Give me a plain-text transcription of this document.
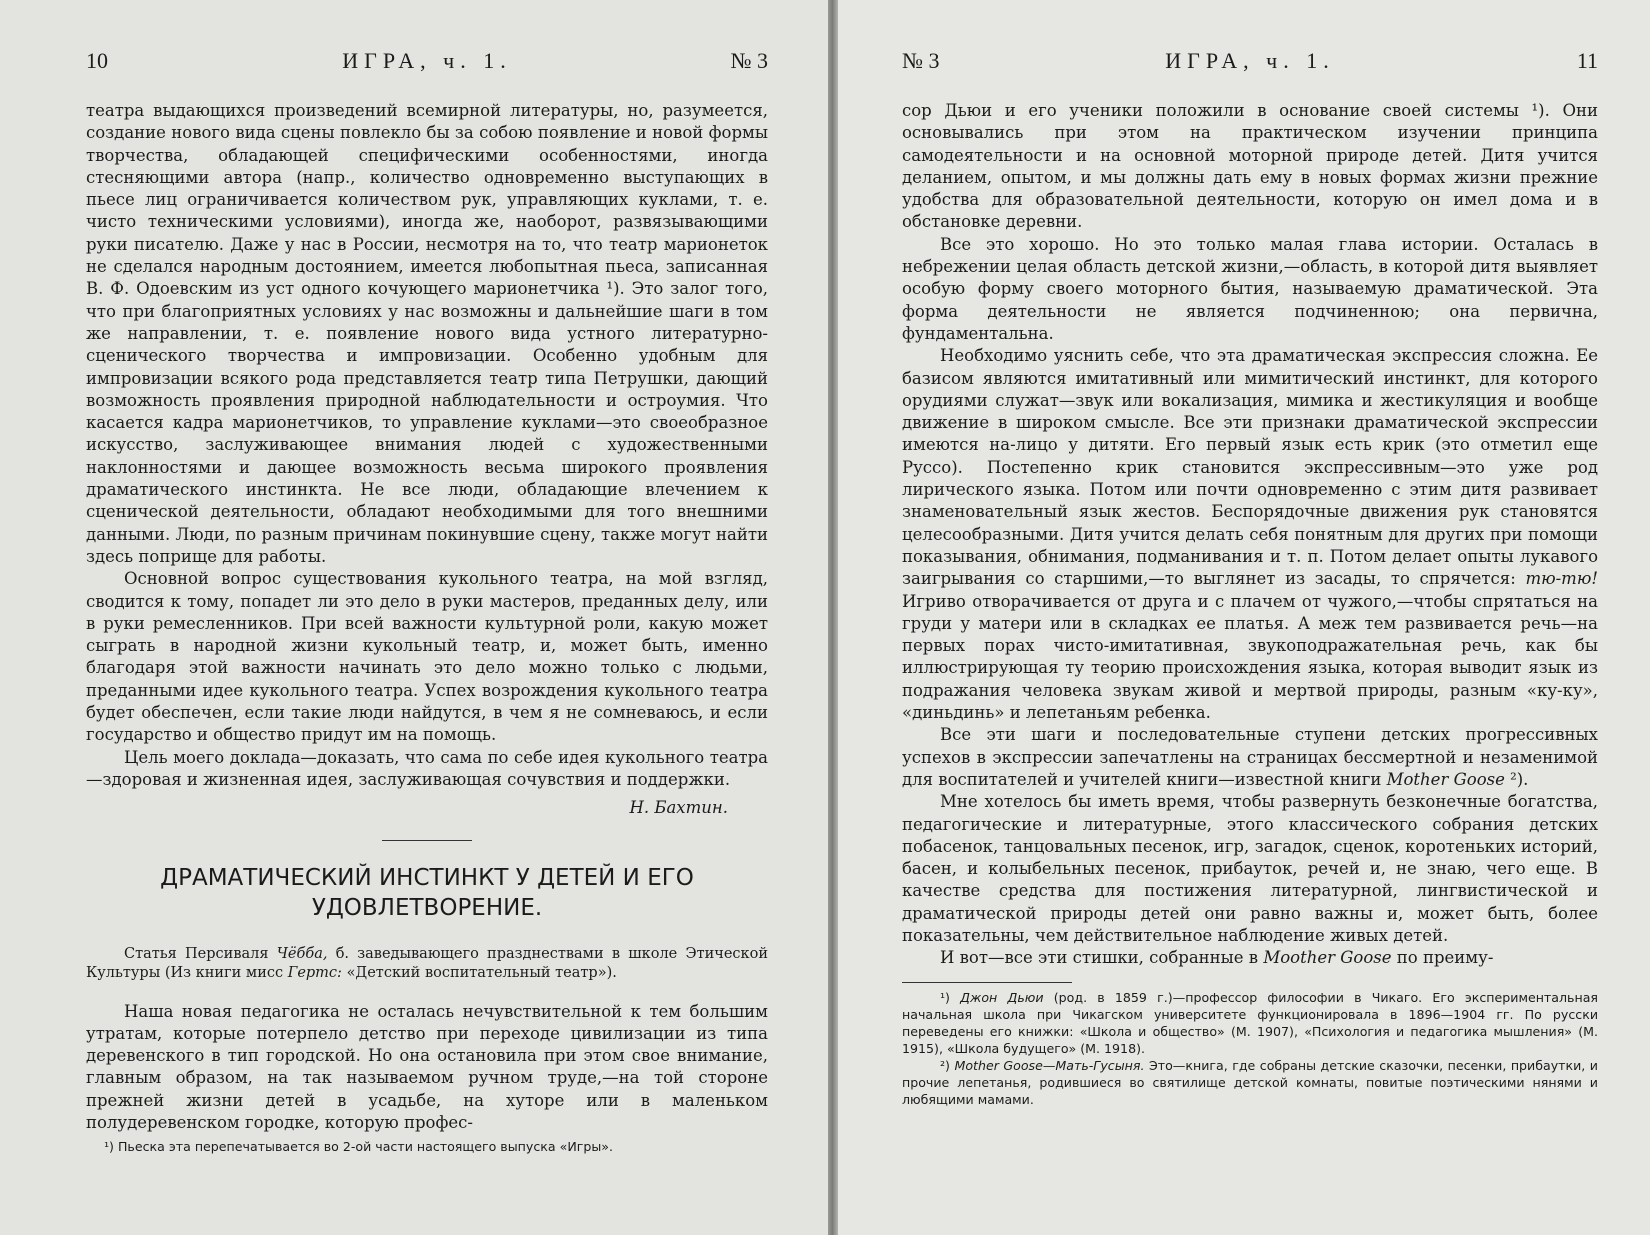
10	ИГРА, ч. 1.	№ 3

театра выдающихся произведений всемирной литературы, но, разумеется, создание нового вида сцены повлекло бы за собою появление и новой формы творчества, обладающей специфическими особенностями, иногда стесняющими автора (напр., количество одновременно выступающих в пьесе лиц ограничивается количеством рук, управляющих куклами, т. е. чисто техническими условиями), иногда же, наоборот, развязывающими руки писателю. Даже у нас в России, несмотря на то, что театр марионеток не сделался народным достоянием, имеется любопытная пьеса, записанная В. Ф. Одоевским из уст одного кочующего марионетчика ¹). Это залог того, что при благоприятных условиях у нас возможны и дальнейшие шаги в том же направлении, т. е. появление нового вида устного литературно-сценического творчества и импровизации. Особенно удобным для импровизации всякого рода представляется театр типа Петрушки, дающий возможность проявления природной наблюдательности и остроумия. Что касается кадра марионетчиков, то управление куклами—это своеобразное искусство, заслуживающее внимания людей с художественными наклонностями и дающее возможность весьма широкого проявления драматического инстинкта. Не все люди, обладающие влечением к сценической деятельности, обладают необходимыми для того внешними данными. Люди, по разным причинам покинувшие сцену, также могут найти здесь поприще для работы.

Основной вопрос существования кукольного театра, на мой взгляд, сводится к тому, попадет ли это дело в руки мастеров, преданных делу, или в руки ремесленников. При всей важности культурной роли, какую может сыграть в народной жизни кукольный театр, и, может быть, именно благодаря этой важности начинать это дело можно только с людьми, преданными идее кукольного театра. Успех возрождения кукольного театра будет обеспечен, если такие люди найдутся, в чем я не сомневаюсь, и если государство и общество придут им на помощь.

Цель моего доклада—доказать, что сама по себе идея кукольного театра—здоровая и жизненная идея, заслуживающая сочувствия и поддержки.

Н. Бахтин.

ДРАМАТИЧЕСКИЙ ИНСТИНКТ У ДЕТЕЙ И ЕГО УДОВЛЕТВОРЕНИЕ.

Статья Персиваля Чёбба, б. заведывающего празднествами в школе Этической Культуры (Из книги мисс Гертс: «Детский воспитательный театр»).

Наша новая педагогика не осталась нечувствительной к тем большим утратам, которые потерпело детство при переходе цивилизации из типа деревенского в тип городской. Но она остановила при этом свое внимание, главным образом, на так называемом ручном труде,—на той стороне прежней жизни детей в усадьбе, на хуторе или в маленьком полудеревенском городке, которую профес-

¹) Пьеска эта перепечатывается во 2-ой части настоящего выпуска «Игры».

№ 3	ИГРА, ч. 1.	11

сор Дьюи и его ученики положили в основание своей системы ¹). Они основывались при этом на практическом изучении принципа самодеятельности и на основной моторной природе детей. Дитя учится деланием, опытом, и мы должны дать ему в новых формах жизни прежние удобства для образовательной деятельности, которую он имел дома и в обстановке деревни.

Все это хорошо. Но это только малая глава истории. Осталась в небрежении целая область детской жизни,—область, в которой дитя выявляет особую форму своего моторного бытия, называемую драматической. Эта форма деятельности не является подчиненною; она первична, фундаментальна.

Необходимо уяснить себе, что эта драматическая экспрессия сложна. Ее базисом являются имитативный или мимитический инстинкт, для которого орудиями служат—звук или вокализация, мимика и жестикуляция и вообще движение в широком смысле. Все эти признаки драматической экспрессии имеются на-лицо у дитяти. Его первый язык есть крик (это отметил еще Руссо). Постепенно крик становится экспрессивным—это уже род лирического языка. Потом или почти одновременно с этим дитя развивает знаменовательный язык жестов. Беспорядочные движения рук становятся целесообразными. Дитя учится делать себя понятным для других при помощи показывания, обнимания, подманивания и т. п. Потом делает опыты лукавого заигрывания со старшими,—то выглянет из засады, то спрячется: тю-тю! Игриво отворачивается от друга и с плачем от чужого,—чтобы спрятаться на груди у матери или в складках ее платья. А меж тем развивается речь—на первых порах чисто-имитативная, звукоподражательная речь, как бы иллюстрирующая ту теорию происхождения языка, которая выводит язык из подражания человека звукам живой и мертвой природы, разным «ку-ку», «диньдинь» и лепетаньям ребенка.

Все эти шаги и последовательные ступени детских прогрессивных успехов в экспрессии запечатлены на страницах бессмертной и незаменимой для воспитателей и учителей книги—известной книги Mother Goose ²).

Мне хотелось бы иметь время, чтобы развернуть безконечные богатства, педагогические и литературные, этого классического собрания детских побасенок, танцовальных песенок, игр, загадок, сценок, коротеньких историй, басен, и колыбельных песенок, прибауток, речей и, не знаю, чего еще. В качестве средства для постижения литературной, лингвистической и драматической природы детей они равно важны и, может быть, более показательны, чем действительное наблюдение живых детей.

И вот—все эти стишки, собранные в Moother Goose по преиму-

¹) Джон Дьюи (род. в 1859 г.)—профессор философии в Чикаго. Его экспериментальная начальная школа при Чикагском университете функционировала в 1896—1904 гг. По русски переведены его книжки: «Школа и общество» (М. 1907), «Психология и педагогика мышления» (М. 1915), «Школа будущего» (М. 1918).

²) Mother Goose—Мать-Гусыня. Это—книга, где собраны детские сказочки, песенки, прибаутки, и прочие лепетанья, родившиеся во святилище детской комнаты, повитые поэтическими нянями и любящими мамами.
